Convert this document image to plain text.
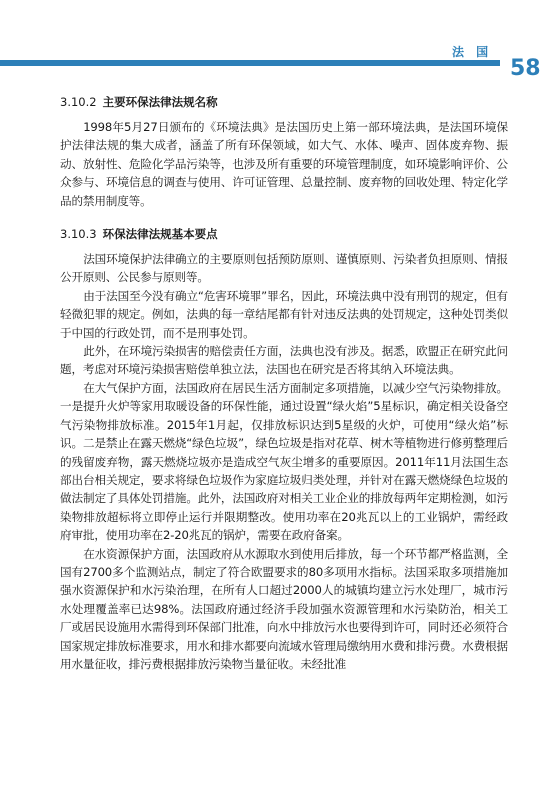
法 国
58
3.10.2 主要环保法律法规名称

1998年5月27日颁布的《环境法典》是法国历史上第一部环境法典，是法国环境保护法律法规的集大成者，涵盖了所有环保领域，如大气、水体、噪声、固体废弃物、振动、放射性、危险化学品污染等，也涉及所有重要的环境管理制度，如环境影响评价、公众参与、环境信息的调查与使用、许可证管理、总量控制、废弃物的回收处理、特定化学品的禁用制度等。

3.10.3 环保法律法规基本要点

法国环境保护法律确立的主要原则包括预防原则、谨慎原则、污染者负担原则、情报公开原则、公民参与原则等。

由于法国至今没有确立“危害环境罪”罪名，因此，环境法典中没有刑罚的规定，但有轻微犯罪的规定。例如，法典的每一章结尾都有针对违反法典的处罚规定，这种处罚类似于中国的行政处罚，而不是刑事处罚。

此外，在环境污染损害的赔偿责任方面，法典也没有涉及。据悉，欧盟正在研究此问题，考虑对环境污染损害赔偿单独立法，法国也在研究是否将其纳入环境法典。

在大气保护方面，法国政府在居民生活方面制定多项措施，以减少空气污染物排放。一是提升火炉等家用取暖设备的环保性能，通过设置“绿火焰”5星标识，确定相关设备空气污染物排放标准。2015年1月起，仅排放标识达到5星级的火炉，可使用“绿火焰”标识。二是禁止在露天燃烧“绿色垃圾”，绿色垃圾是指对花草、树木等植物进行修剪整理后的残留废弃物，露天燃烧垃圾亦是造成空气灰尘增多的重要原因。2011年11月法国生态部出台相关规定，要求将绿色垃圾作为家庭垃圾归类处理，并针对在露天燃烧绿色垃圾的做法制定了具体处罚措施。此外，法国政府对相关工业企业的排放每两年定期检测，如污染物排放超标将立即停止运行并限期整改。使用功率在20兆瓦以上的工业锅炉，需经政府审批，使用功率在2-20兆瓦的锅炉，需要在政府备案。

在水资源保护方面，法国政府从水源取水到使用后排放，每一个环节都严格监测，全国有2700多个监测站点，制定了符合欧盟要求的80多项用水指标。法国采取多项措施加强水资源保护和水污染治理，在所有人口超过2000人的城镇均建立污水处理厂，城市污水处理覆盖率已达98%。法国政府通过经济手段加强水资源管理和水污染防治，相关工厂或居民设施用水需得到环保部门批准，向水中排放污水也要得到许可，同时还必须符合国家规定排放标准要求，用水和排水都要向流域水管理局缴纳用水费和排污费。水费根据用水量征收，排污费根据排放污染物当量征收。未经批准
